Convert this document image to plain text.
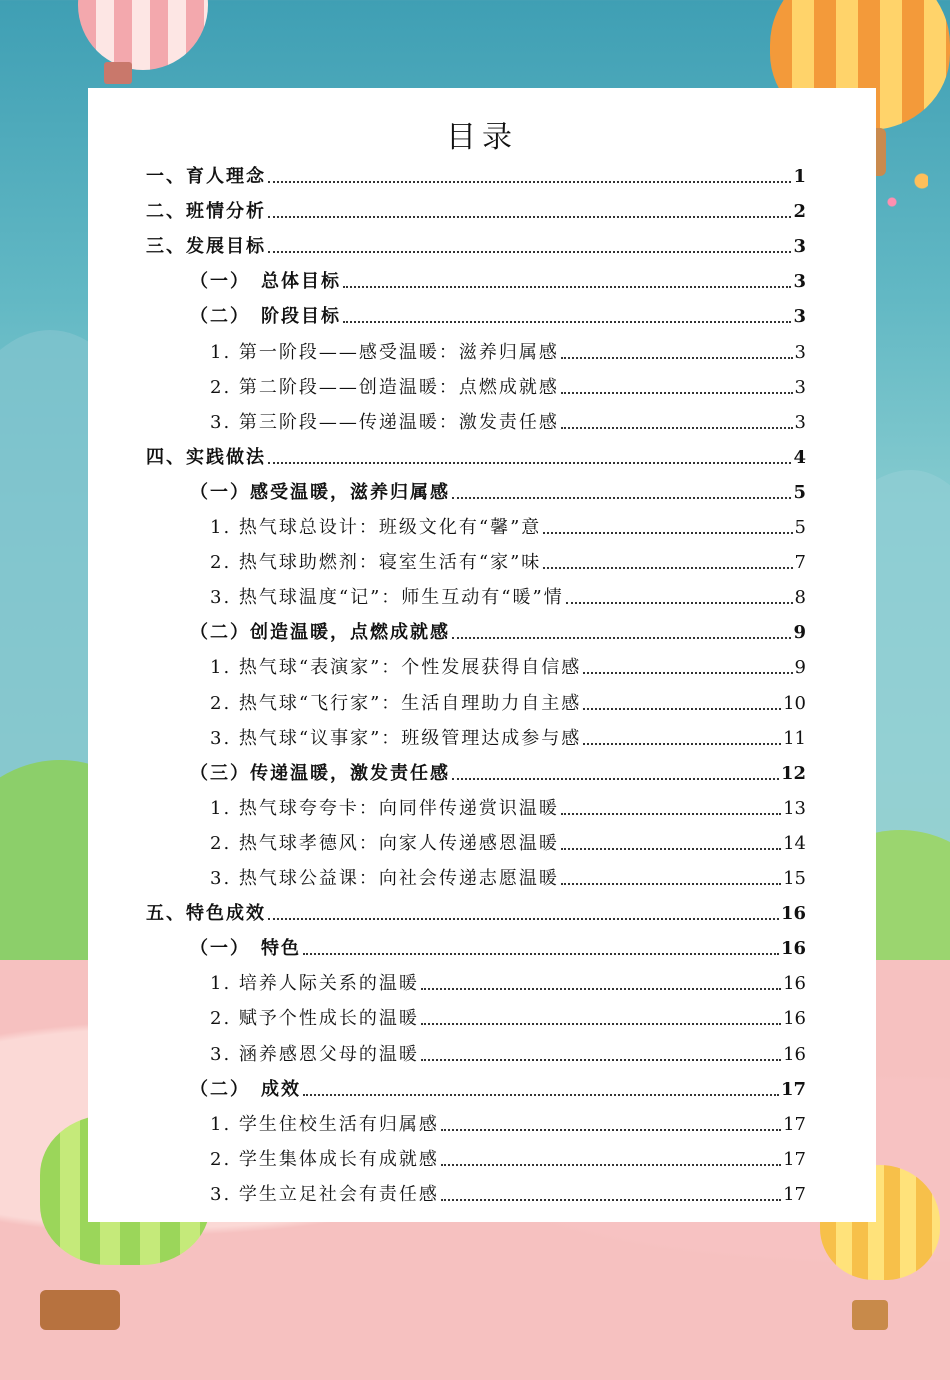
目录
一、育人理念	1
二、班情分析	2
三、发展目标	3
（一）　总体目标	3
（二）　阶段目标	3
1. 第一阶段——感受温暖：滋养归属感	3
2. 第二阶段——创造温暖：点燃成就感	3
3. 第三阶段——传递温暖：激发责任感	3
四、实践做法	4
（一）感受温暖，滋养归属感	5
1. 热气球总设计：班级文化有“馨”意	5
2. 热气球助燃剂：寝室生活有“家”味	7
3. 热气球温度“记”：师生互动有“暖”情	8
（二）创造温暖，点燃成就感	9
1. 热气球“表演家”：个性发展获得自信感	9
2. 热气球“飞行家”：生活自理助力自主感	10
3. 热气球“议事家”：班级管理达成参与感	11
（三）传递温暖，激发责任感	12
1. 热气球夸夸卡：向同伴传递赏识温暖	13
2. 热气球孝德风：向家人传递感恩温暖	14
3. 热气球公益课：向社会传递志愿温暖	15
五、特色成效	16
（一）　特色	16
1. 培养人际关系的温暖	16
2. 赋予个性成长的温暖	16
3. 涵养感恩父母的温暖	16
（二）　成效	17
1. 学生住校生活有归属感	17
2. 学生集体成长有成就感	17
3. 学生立足社会有责任感	17
